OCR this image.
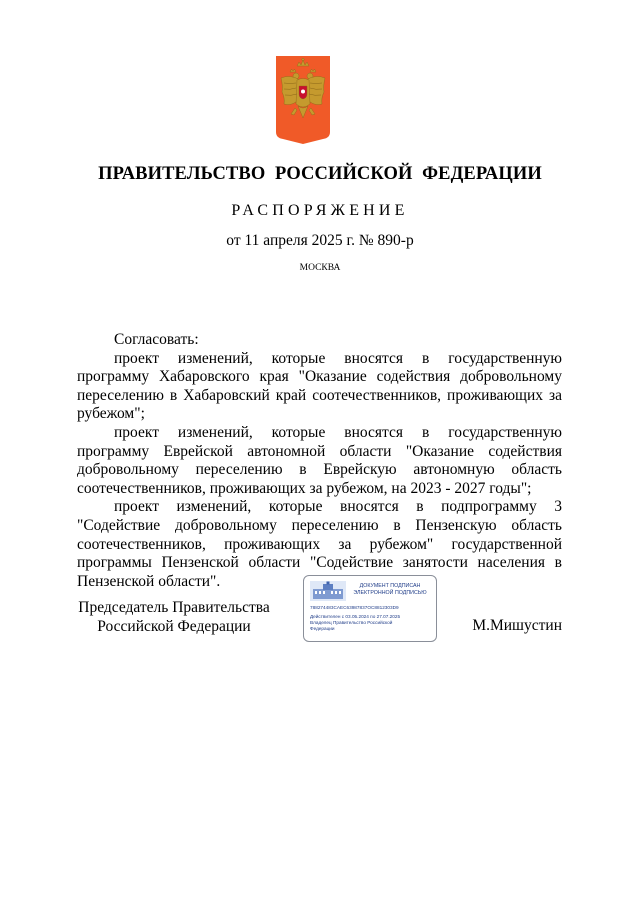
ПРАВИТЕЛЬСТВО РОССИЙСКОЙ ФЕДЕРАЦИИ
РАСПОРЯЖЕНИЕ
от 11 апреля 2025 г. № 890-р
МОСКВА

Согласовать:

проект изменений, которые вносятся в государственную программу Хабаровского края "Оказание содействия добровольному переселению в Хабаровский край соотечественников, проживающих за рубежом";

проект изменений, которые вносятся в государственную программу Еврейской автономной области "Оказание содействия добровольному переселению в Еврейскую автономную область соотечественников, проживающих за рубежом, на 2023 - 2027 годы";

проект изменений, которые вносятся в подпрограмму 3 "Содействие добровольному переселению в Пензенскую область соотечественников, проживающих за рубежом" государственной программы Пензенской области "Содействие занятости населения в Пензенской области".

Председатель Правительства
Российской Федерации
ДОКУМЕНТ ПОДПИСАН
ЭЛЕКТРОННОЙ ПОДПИСЬЮ
788274483CAEC63987837OC8812303D9
Действителен с 03.05.2024 по 27.07.2025
Владелец Правительство Российской
Федерации	М.Мишустин
